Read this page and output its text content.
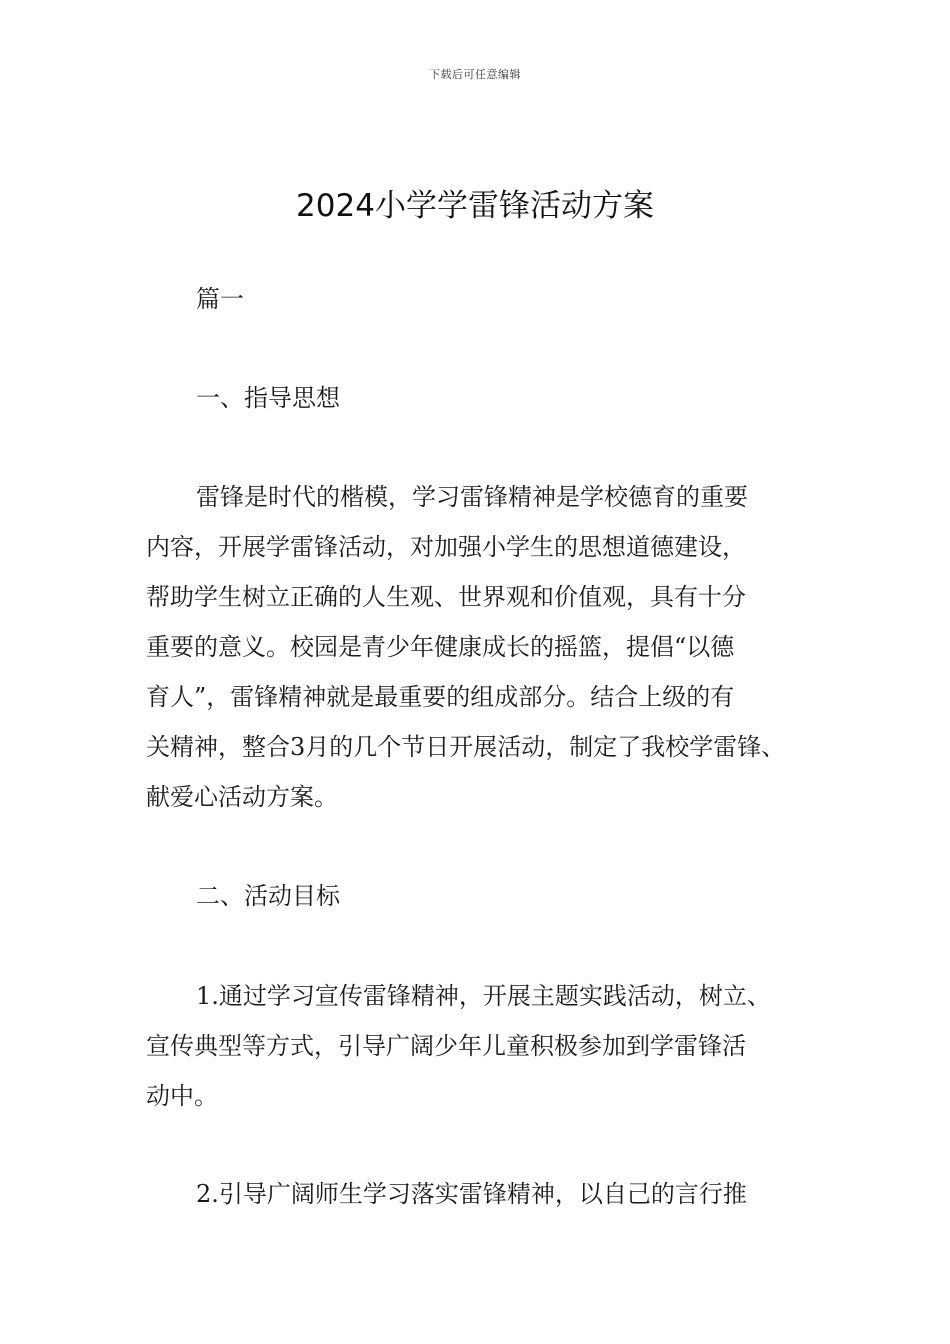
下载后可任意编辑
2024小学学雷锋活动方案
篇一
一、指导思想
雷锋是时代的楷模，学习雷锋精神是学校德育的重要
内容，开展学雷锋活动，对加强小学生的思想道德建设，
帮助学生树立正确的人生观、世界观和价值观，具有十分
重要的意义。校园是青少年健康成长的摇篮，提倡“以德
育人”，雷锋精神就是最重要的组成部分。结合上级的有
关精神，整合3月的几个节日开展活动，制定了我校学雷锋、
献爱心活动方案。
二、活动目标
1.通过学习宣传雷锋精神，开展主题实践活动，树立、
宣传典型等方式，引导广阔少年儿童积极参加到学雷锋活
动中。
2.引导广阔师生学习落实雷锋精神，以自己的言行推
